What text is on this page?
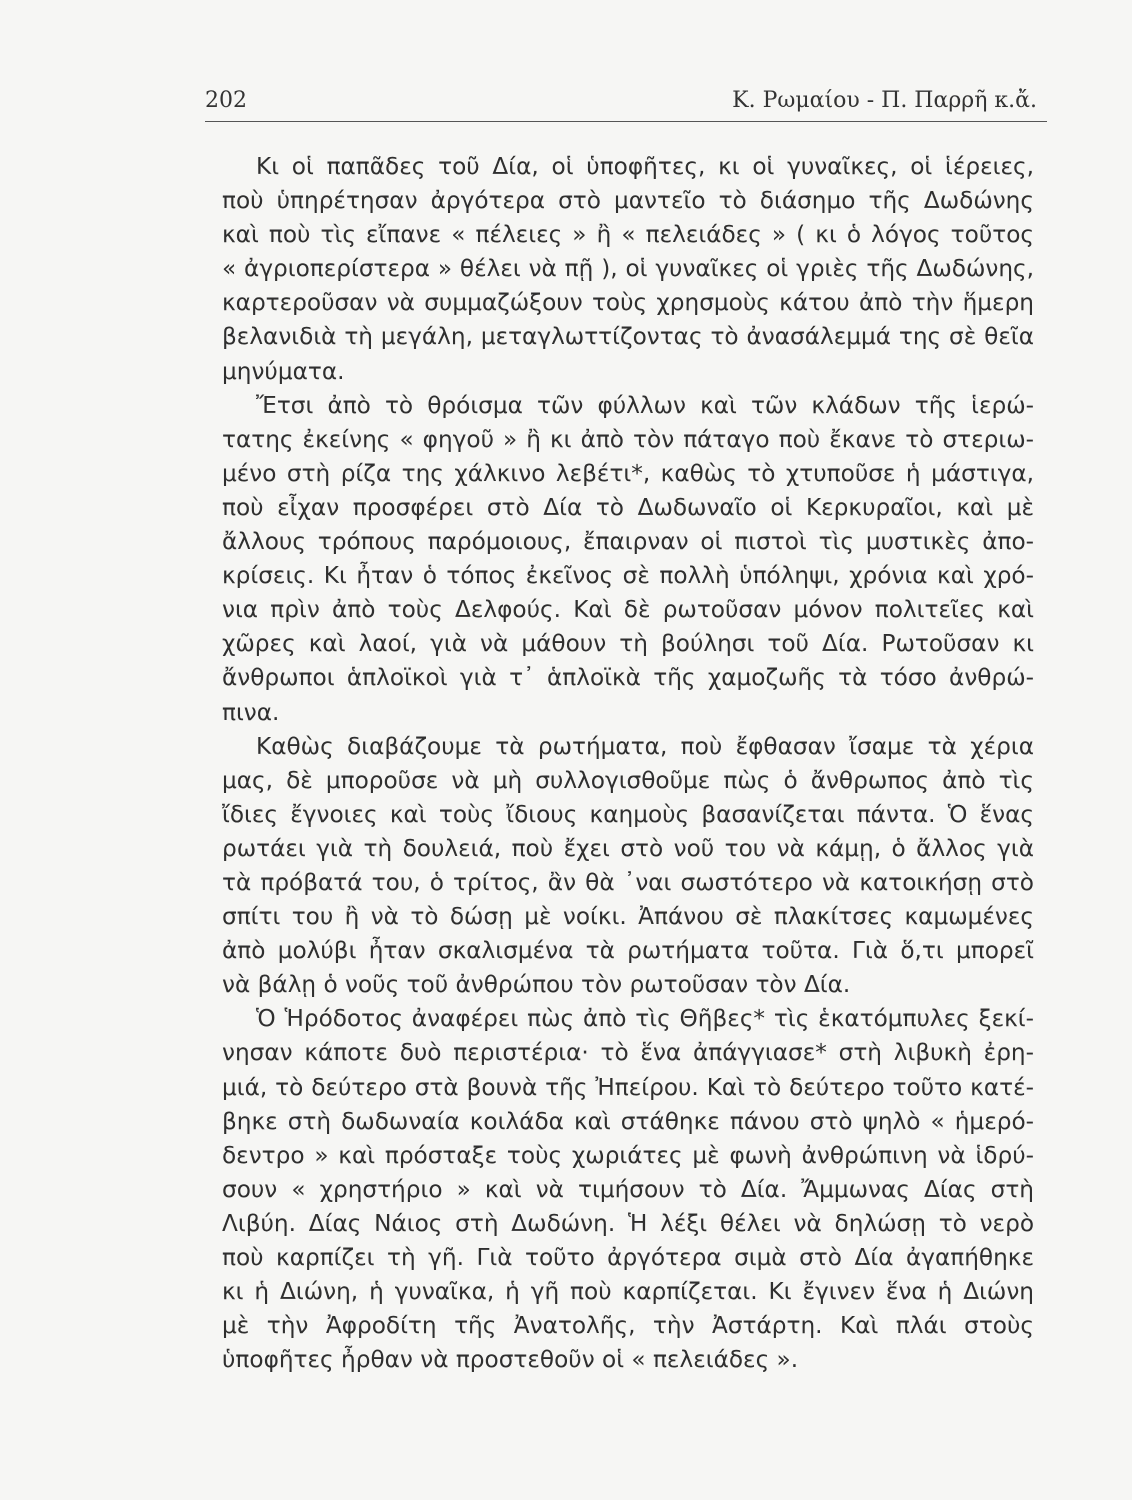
202	Κ. Ρωμαίου - Π. Παρρῆ κ.ἄ.
Κι οἱ παπᾶδες τοῦ Δία, οἱ ὑποφῆτες, κι οἱ γυναῖκες, οἱ ἱέρειες,
ποὺ ὑπηρέτησαν ἀργότερα στὸ μαντεῖο τὸ διάσημο τῆς Δωδώνης
καὶ ποὺ τὶς εἴπανε « πέλειες » ἢ « πελειάδες » ( κι ὁ λόγος τοῦτος
« ἀγριοπερίστερα » θέλει νὰ πῇ ), οἱ γυναῖκες οἱ γριὲς τῆς Δωδώνης,
καρτεροῦσαν νὰ συμμαζώξουν τοὺς χρησμοὺς κάτου ἀπὸ τὴν ἥμερη
βελανιδιὰ τὴ μεγάλη, μεταγλωττίζοντας τὸ ἀνασάλεμμά της σὲ θεῖα
μηνύματα.
Ἔτσι ἀπὸ τὸ θρόισμα τῶν φύλλων καὶ τῶν κλάδων τῆς ἱερώ-
τατης ἐκείνης « φηγοῦ » ἢ κι ἀπὸ τὸν πάταγο ποὺ ἔκανε τὸ στεριω-
μένο στὴ ρίζα της χάλκινο λεβέτι*, καθὼς τὸ χτυποῦσε ἡ μάστιγα,
ποὺ εἶχαν προσφέρει στὸ Δία τὸ Δωδωναῖο οἱ Κερκυραῖοι, καὶ μὲ
ἄλλους τρόπους παρόμοιους, ἔπαιρναν οἱ πιστοὶ τὶς μυστικὲς ἀπο-
κρίσεις. Κι ἦταν ὁ τόπος ἐκεῖνος σὲ πολλὴ ὑπόληψι, χρόνια καὶ χρό-
νια πρὶν ἀπὸ τοὺς Δελφούς. Καὶ δὲ ρωτοῦσαν μόνον πολιτεῖες καὶ
χῶρες καὶ λαοί, γιὰ νὰ μάθουν τὴ βούλησι τοῦ Δία. Ρωτοῦσαν κι
ἄνθρωποι ἁπλοϊκοὶ γιὰ τ᾽ ἁπλοϊκὰ τῆς χαμοζωῆς τὰ τόσο ἀνθρώ-
πινα.
Καθὼς διαβάζουμε τὰ ρωτήματα, ποὺ ἔφθασαν ἴσαμε τὰ χέρια
μας, δὲ μποροῦσε νὰ μὴ συλλογισθοῦμε πὼς ὁ ἄνθρωπος ἀπὸ τὶς
ἴδιες ἔγνοιες καὶ τοὺς ἴδιους καημοὺς βασανίζεται πάντα. Ὁ ἕνας
ρωτάει γιὰ τὴ δουλειά, ποὺ ἔχει στὸ νοῦ του νὰ κάμῃ, ὁ ἄλλος γιὰ
τὰ πρόβατά του, ὁ τρίτος, ἂν θὰ ᾽ναι σωστότερο νὰ κατοικήσῃ στὸ
σπίτι του ἢ νὰ τὸ δώσῃ μὲ νοίκι. Ἀπάνου σὲ πλακίτσες καμωμένες
ἀπὸ μολύβι ἦταν σκαλισμένα τὰ ρωτήματα τοῦτα. Γιὰ ὅ,τι μπορεῖ
νὰ βάλῃ ὁ νοῦς τοῦ ἀνθρώπου τὸν ρωτοῦσαν τὸν Δία.
Ὁ Ἡρόδοτος ἀναφέρει πὼς ἀπὸ τὶς Θῆβες* τὶς ἑκατόμπυλες ξεκί-
νησαν κάποτε δυὸ περιστέρια· τὸ ἕνα ἀπάγγιασε* στὴ λιβυκὴ ἐρη-
μιά, τὸ δεύτερο στὰ βουνὰ τῆς Ἠπείρου. Καὶ τὸ δεύτερο τοῦτο κατέ-
βηκε στὴ δωδωναία κοιλάδα καὶ στάθηκε πάνου στὸ ψηλὸ « ἡμερό-
δεντρο » καὶ πρόσταξε τοὺς χωριάτες μὲ φωνὴ ἀνθρώπινη νὰ ἱδρύ-
σουν « χρηστήριο » καὶ νὰ τιμήσουν τὸ Δία. Ἄμμωνας Δίας στὴ
Λιβύη. Δίας Νάιος στὴ Δωδώνη. Ἡ λέξι θέλει νὰ δηλώσῃ τὸ νερὸ
ποὺ καρπίζει τὴ γῆ. Γιὰ τοῦτο ἀργότερα σιμὰ στὸ Δία ἀγαπήθηκε
κι ἡ Διώνη, ἡ γυναῖκα, ἡ γῆ ποὺ καρπίζεται. Κι ἔγινεν ἕνα ἡ Διώνη
μὲ τὴν Ἀφροδίτη τῆς Ἀνατολῆς, τὴν Ἀστάρτη. Καὶ πλάι στοὺς
ὑποφῆτες ἦρθαν νὰ προστεθοῦν οἱ « πελειάδες ».
